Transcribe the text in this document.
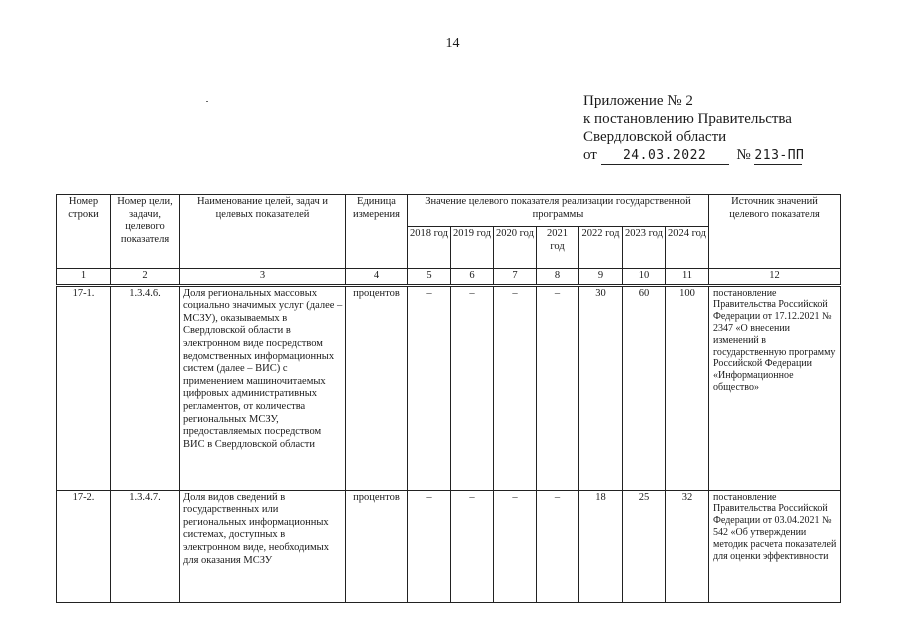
14
Приложение № 2
к постановлению Правительства
Свердловской области
от 24.03.2022 № 213-ПП
Номер строки	Номер цели, задачи, целевого показателя	Наименование целей, задач и целевых показателей	Единица измерения	Значение целевого показателя реализации государственной программы							Источник значений целевого показателя
				2018 год	2019 год	2020 год	2021 год	2022 год	2023 год	2024 год	
1	2	3	4	5	6	7	8	9	10	11	12
17-1.	1.3.4.6.	Доля региональных массовых социально значимых услуг (далее – МСЗУ), оказываемых в Свердловской области в электронном виде посредством ведомственных информационных систем (далее – ВИС) с применением машиночитаемых цифровых административных регламентов, от количества региональных МСЗУ, предоставляемых посредством ВИС в Свердловской области	процентов	–	–	–	–	30	60	100	постановление Правительства Российской Федерации от 17.12.2021 № 2347 «О внесении изменений в государственную программу Российской Федерации «Информационное общество»
17-2.	1.3.4.7.	Доля видов сведений в государственных или региональных информационных системах, доступных в электронном виде, необходимых для оказания МСЗУ	процентов	–	–	–	–	18	25	32	постановление Правительства Российской Федерации от 03.04.2021 № 542 «Об утверждении методик расчета показателей для оценки эффективности
